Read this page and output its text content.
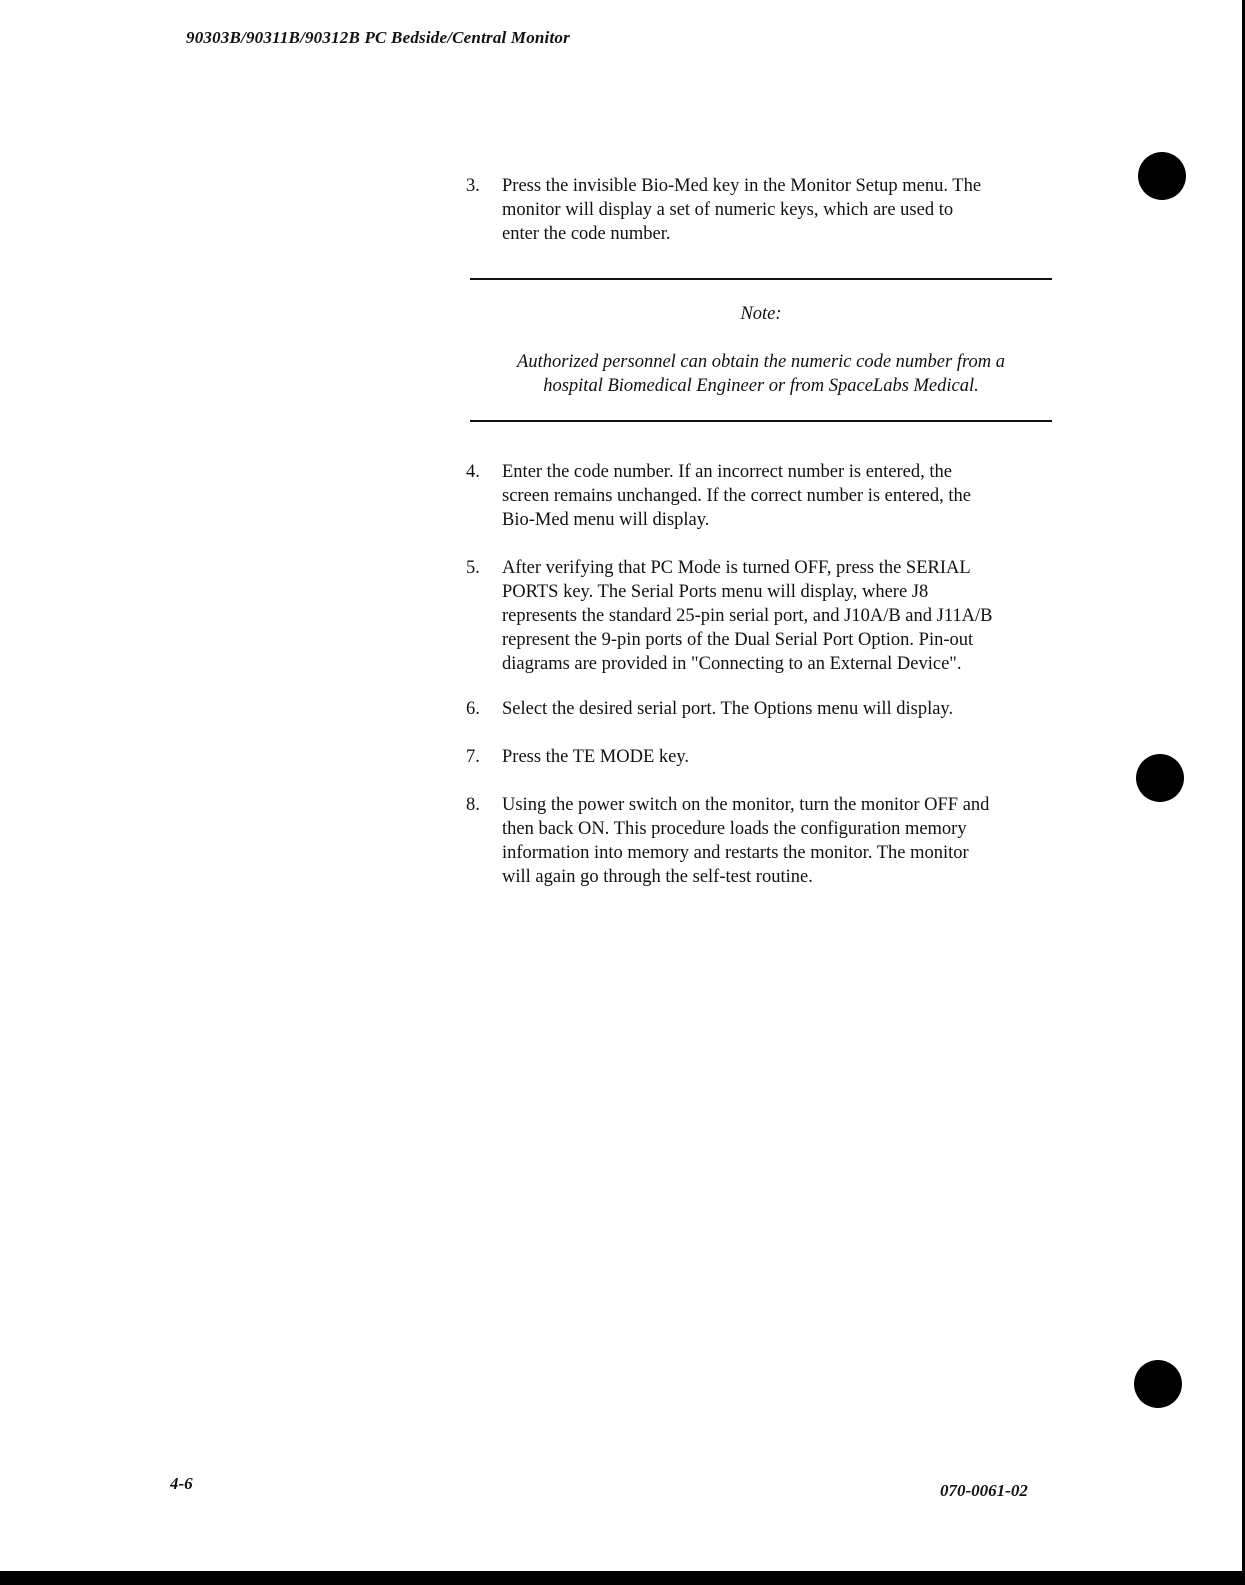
90303B/90311B/90312B PC Bedside/Central Monitor
3.	Press the invisible Bio-Med key in the Monitor Setup menu. The
monitor will display a set of numeric keys, which are used to
enter the code number.
Note:
Authorized personnel can obtain the numeric code number from a
hospital Biomedical Engineer or from SpaceLabs Medical.
4.	Enter the code number. If an incorrect number is entered, the
screen remains unchanged. If the correct number is entered, the
Bio-Med menu will display.
5.	After verifying that PC Mode is turned OFF, press the SERIAL
PORTS key. The Serial Ports menu will display, where J8
represents the standard 25-pin serial port, and J10A/B and J11A/B
represent the 9-pin ports of the Dual Serial Port Option. Pin-out
diagrams are provided in "Connecting to an External Device".
6.	Select the desired serial port. The Options menu will display.
7.	Press the TE MODE key.
8.	Using the power switch on the monitor, turn the monitor OFF and
then back ON. This procedure loads the configuration memory
information into memory and restarts the monitor. The monitor
will again go through the self-test routine.
4-6	070-0061-02
